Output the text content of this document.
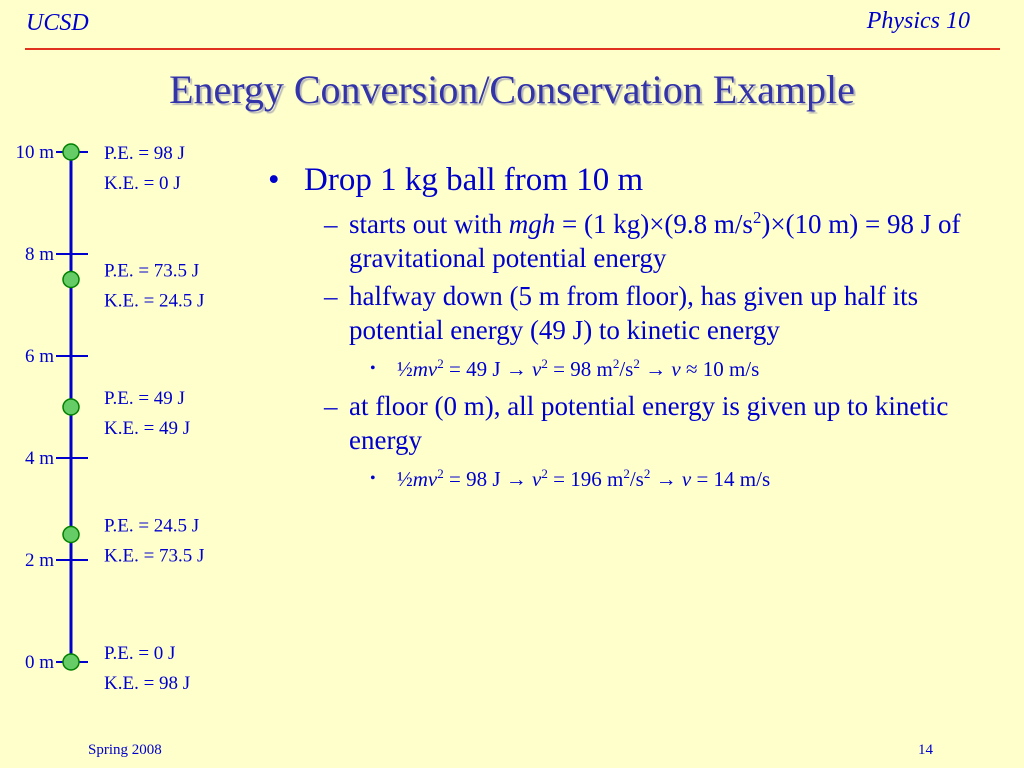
UCSD	Physics 10
Energy Conversion/Conservation Example
10 m
8 m
6 m
4 m
2 m
0 m
P.E. = 98 J
K.E. = 0 J
P.E. = 73.5 J
K.E. = 24.5 J
P.E. = 49 J
K.E. = 49 J
P.E. = 24.5 J
K.E. = 73.5 J
P.E. = 0 J
K.E. = 98 J
• Drop 1 kg ball from 10 m
– starts out with mgh = (1 kg)×(9.8 $m/s^2)\times(10$ m) = 98 J of gravitational potential energy
– halfway down (5 m from floor), has given up half its potential energy (49 J) to kinetic energy
• $\frac{1}{2}mv^2 = 49$ $J \to v^2 = 98$ $m^2/s^2 \to v \approx 10$ m/s
– at floor (0 m), all potential energy is given up to kinetic energy
• $\frac{1}{2}mv^2 = 98$ $J \to v^2 = 196$ $m^2/s^2 \to v = 14$ m/s
Spring 2008	14
